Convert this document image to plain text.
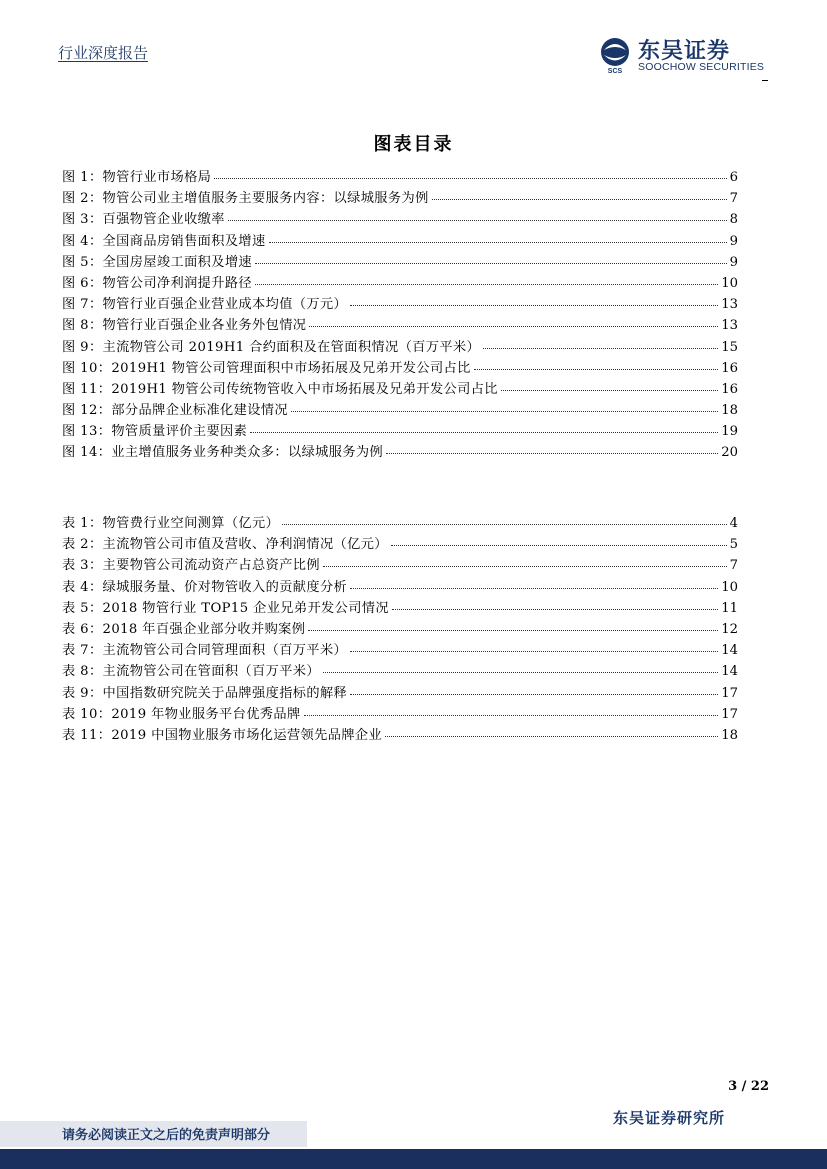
行业深度报告
SCS
东吴证券
SOOCHOW SECURITIES
图表目录
图 1：物管行业市场格局	6
图 2：物管公司业主增值服务主要服务内容：以绿城服务为例	7
图 3：百强物管企业收缴率	8
图 4：全国商品房销售面积及增速	9
图 5：全国房屋竣工面积及增速	9
图 6：物管公司净利润提升路径	10
图 7：物管行业百强企业营业成本均值（万元）	13
图 8：物管行业百强企业各业务外包情况	13
图 9：主流物管公司 2019H1 合约面积及在管面积情况（百万平米）	15
图 10：2019H1 物管公司管理面积中市场拓展及兄弟开发公司占比	16
图 11：2019H1 物管公司传统物管收入中市场拓展及兄弟开发公司占比	16
图 12：部分品牌企业标准化建设情况	18
图 13：物管质量评价主要因素	19
图 14：业主增值服务业务种类众多：以绿城服务为例	20
表 1：物管费行业空间测算（亿元）	4
表 2：主流物管公司市值及营收、净利润情况（亿元）	5
表 3：主要物管公司流动资产占总资产比例	7
表 4：绿城服务量、价对物管收入的贡献度分析	10
表 5：2018 物管行业 TOP15 企业兄弟开发公司情况	11
表 6：2018 年百强企业部分收并购案例	12
表 7：主流物管公司合同管理面积（百万平米）	14
表 8：主流物管公司在管面积（百万平米）	14
表 9：中国指数研究院关于品牌强度指标的解释	17
表 10：2019 年物业服务平台优秀品牌	17
表 11：2019 中国物业服务市场化运营领先品牌企业	18
3 / 22
东吴证券研究所
请务必阅读正文之后的免责声明部分
